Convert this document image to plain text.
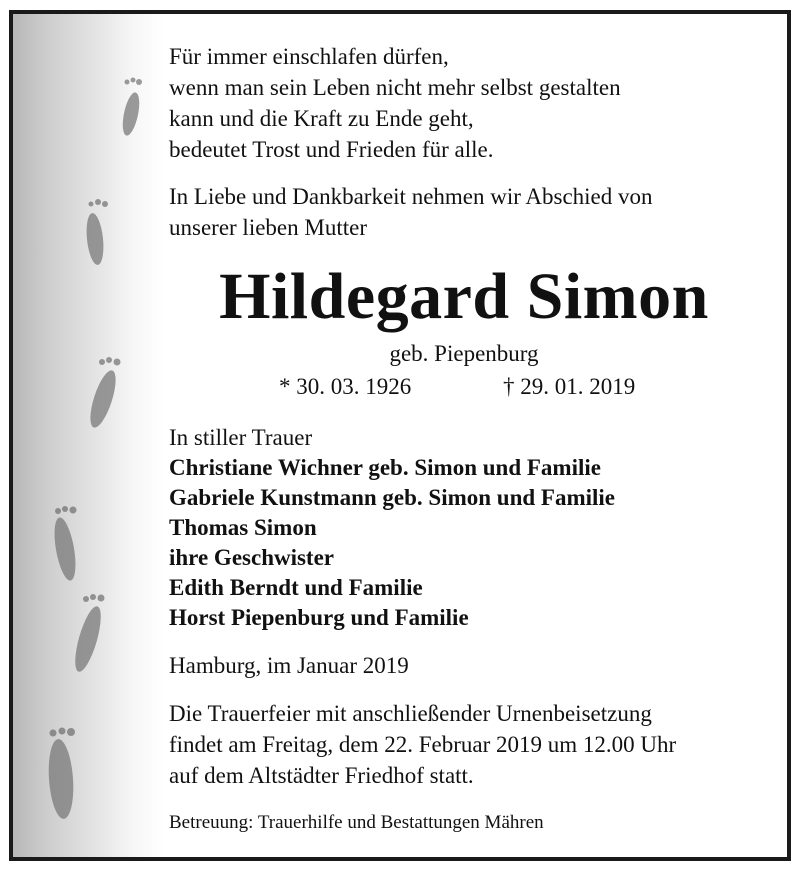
Für immer einschlafen dürfen,
wenn man sein Leben nicht mehr selbst gestalten
kann und die Kraft zu Ende geht,
bedeutet Trost und Frieden für alle.
In Liebe und Dankbarkeit nehmen wir Abschied von
unserer lieben Mutter
Hildegard Simon
geb. Piepenburg
* 30. 03. 1926	† 29. 01. 2019
In stiller Trauer
Christiane Wichner geb. Simon und Familie
Gabriele Kunstmann geb. Simon und Familie
Thomas Simon
ihre Geschwister
Edith Berndt und Familie
Horst Piepenburg und Familie
Hamburg, im Januar 2019
Die Trauerfeier mit anschließender Urnenbeisetzung
findet am Freitag, dem 22. Februar 2019 um 12.00 Uhr
auf dem Altstädter Friedhof statt.
Betreuung: Trauerhilfe und Bestattungen Mähren
